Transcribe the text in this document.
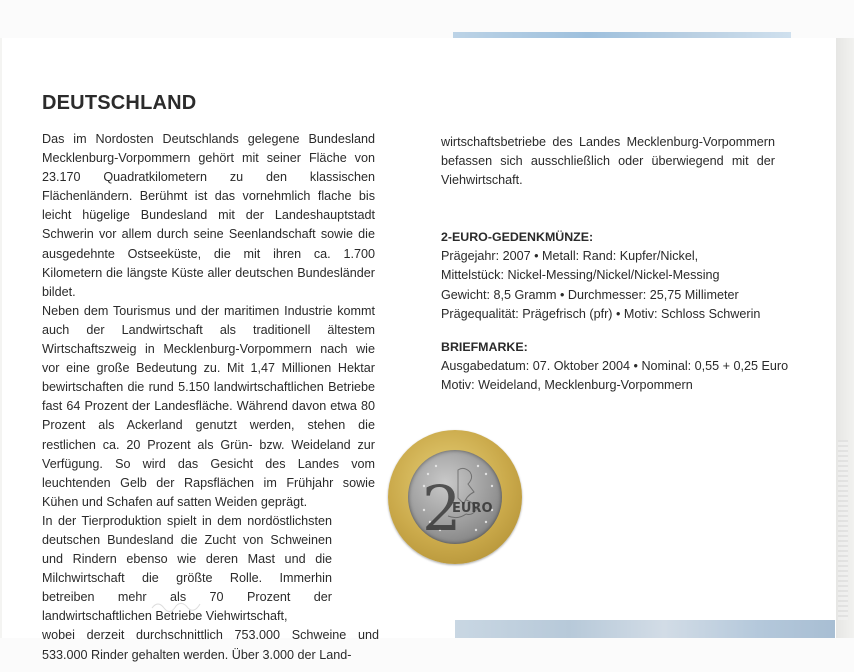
DEUTSCHLAND

Das im Nordosten Deutschlands gelegene Bundesland Mecklenburg-Vorpommern gehört mit seiner Fläche von 23.170 Quadratkilometern zu den klassischen Flächenländern. Berühmt ist das vornehmlich flache bis leicht hügelige Bundesland mit der Landeshauptstadt Schwerin vor allem durch seine Seenlandschaft sowie die ausgedehnte Ostseeküste, die mit ihren ca. 1.700 Kilometern die längste Küste aller deutschen Bundesländer bildet.

Neben dem Tourismus und der maritimen Industrie kommt auch der Landwirtschaft als traditionell ältestem Wirtschaftszweig in Mecklenburg-Vorpommern nach wie vor eine große Bedeutung zu. Mit 1,47 Millionen Hektar bewirtschaften die rund 5.150 landwirtschaftlichen Betriebe fast 64 Prozent der Landesfläche. Während davon etwa 80 Prozent als Ackerland genutzt werden, stehen die restlichen ca. 20 Prozent als Grün- bzw. Weideland zur Verfügung. So wird das Gesicht des Landes vom leuchtenden Gelb der Rapsflächen im Frühjahr sowie Kühen und Schafen auf satten Weiden geprägt.

In der Tierproduktion spielt in dem nordöstlichsten deutschen Bundesland die Zucht von Schweinen und Rindern ebenso wie deren Mast und die Milchwirtschaft die größte Rolle. Immerhin betreiben mehr als 70 Prozent der landwirtschaftlichen Betriebe Viehwirtschaft,

wobei derzeit durchschnittlich 753.000 Schweine und 533.000 Rinder gehalten werden. Über 3.000 der Land-

wirtschaftsbetriebe des Landes Mecklenburg-Vorpommern befassen sich ausschließlich oder überwiegend mit der Viehwirtschaft.

2-EURO-GEDENKMÜNZE:

Prägejahr: 2007 • Metall: Rand: Kupfer/Nickel,

Mittelstück: Nickel-Messing/Nickel/Nickel-Messing

Gewicht: 8,5 Gramm • Durchmesser: 25,75 Millimeter

Prägequalität: Prägefrisch (pfr) • Motiv: Schloss Schwerin

BRIEFMARKE:

Ausgabedatum: 07. Oktober 2004 • Nominal: 0,55 + 0,25 Euro

Motiv: Weideland, Mecklenburg-Vorpommern

2
EURO
